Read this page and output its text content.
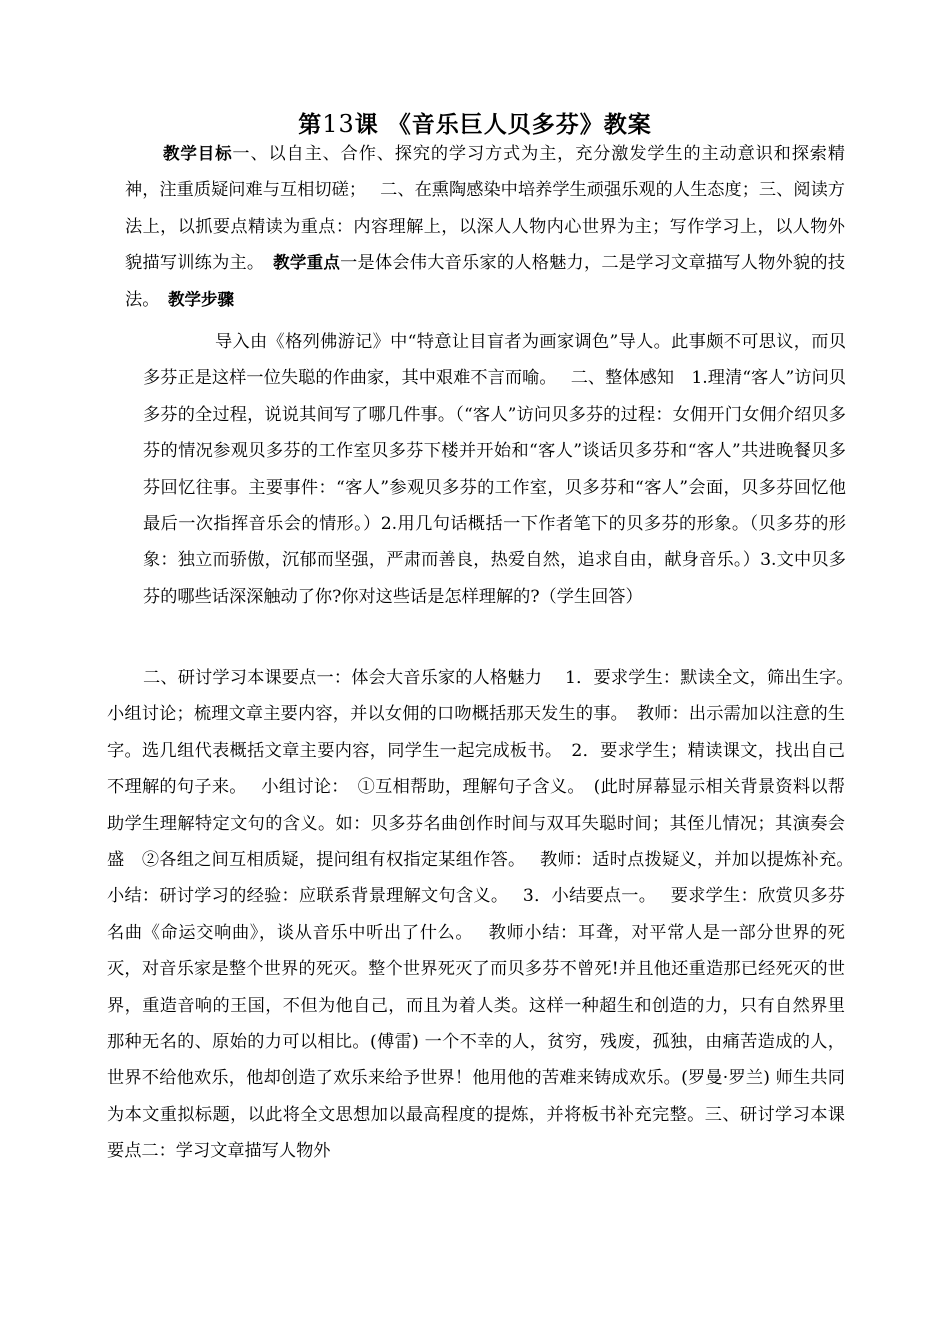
第13课 《音乐巨人贝多芬》教案

教学目标一、以自主、合作、探究的学习方式为主，充分激发学生的主动意识和探索精神，注重质疑问难与互相切磋；　 二、在熏陶感染中培养学生顽强乐观的人生态度；三、阅读方法上，以抓要点精读为重点：内容理解上，以深人人物内心世界为主；写作学习上，以人物外貌描写训练为主。　教学重点一是体会伟大音乐家的人格魅力，二是学习文章描写人物外貌的技法。　教学步骤

导入由《格列佛游记》中“特意让目盲者为画家调色”导人。此事颇不可思议，而贝多芬正是这样一位失聪的作曲家，其中艰难不言而喻。　 二、整体感知　1.理清“客人”访问贝多芬的全过程，说说其间写了哪几件事。（“客人”访问贝多芬的过程：女佣开门女佣介绍贝多芬的情况参观贝多芬的工作室贝多芬下楼并开始和“客人”谈话贝多芬和“客人”共进晚餐贝多芬回忆往事。主要事件：“客人”参观贝多芬的工作室，贝多芬和“客人”会面，贝多芬回忆他最后一次指挥音乐会的情形。）2.用几句话概括一下作者笔下的贝多芬的形象。（贝多芬的形象：独立而骄傲，沉郁而坚强，严肃而善良，热爱自然，追求自由，献身音乐。）3.文中贝多芬的哪些话深深触动了你?你对这些话是怎样理解的?（学生回答）

二、研讨学习本课要点一：体会大音乐家的人格魅力　 1．要求学生：默读全文，筛出生字。　 小组讨论；梳理文章主要内容，并以女佣的口吻概括那天发生的事。　教师：出示需加以注意的生字。选几组代表概括文章主要内容，同学生一起完成板书。　2．要求学生；精读课文，找出自己不理解的句子来。　 小组讨论：　①互相帮助，理解句子含义。　(此时屏幕显示相关背景资料以帮助学生理解特定文句的含义。如：贝多芬名曲创作时间与双耳失聪时间；其侄儿情况；其演奏会盛　②各组之间互相质疑，提问组有权指定某组作答。　 教师：适时点拨疑义，并加以提炼补充。　 小结：研讨学习的经验：应联系背景理解文句含义。　 3．小结要点一。　 要求学生：欣赏贝多芬名曲《命运交响曲》，谈从音乐中听出了什么。　 教师小结：耳聋，对平常人是一部分世界的死灭，对音乐家是整个世界的死灭。整个世界死灭了而贝多芬不曾死!并且他还重造那已经死灭的世界，重造音响的王国，不但为他自己，而且为着人类。这样一种超生和创造的力，只有自然界里那种无名的、原始的力可以相比。(傅雷) 一个不幸的人，贫穷，残废，孤独，由痛苦造成的人，世界不给他欢乐，他却创造了欢乐来给予世界！他用他的苦难来铸成欢乐。(罗曼·罗兰) 师生共同为本文重拟标题，以此将全文思想加以最高程度的提炼，并将板书补充完整。三、研讨学习本课要点二：学习文章描写人物外
